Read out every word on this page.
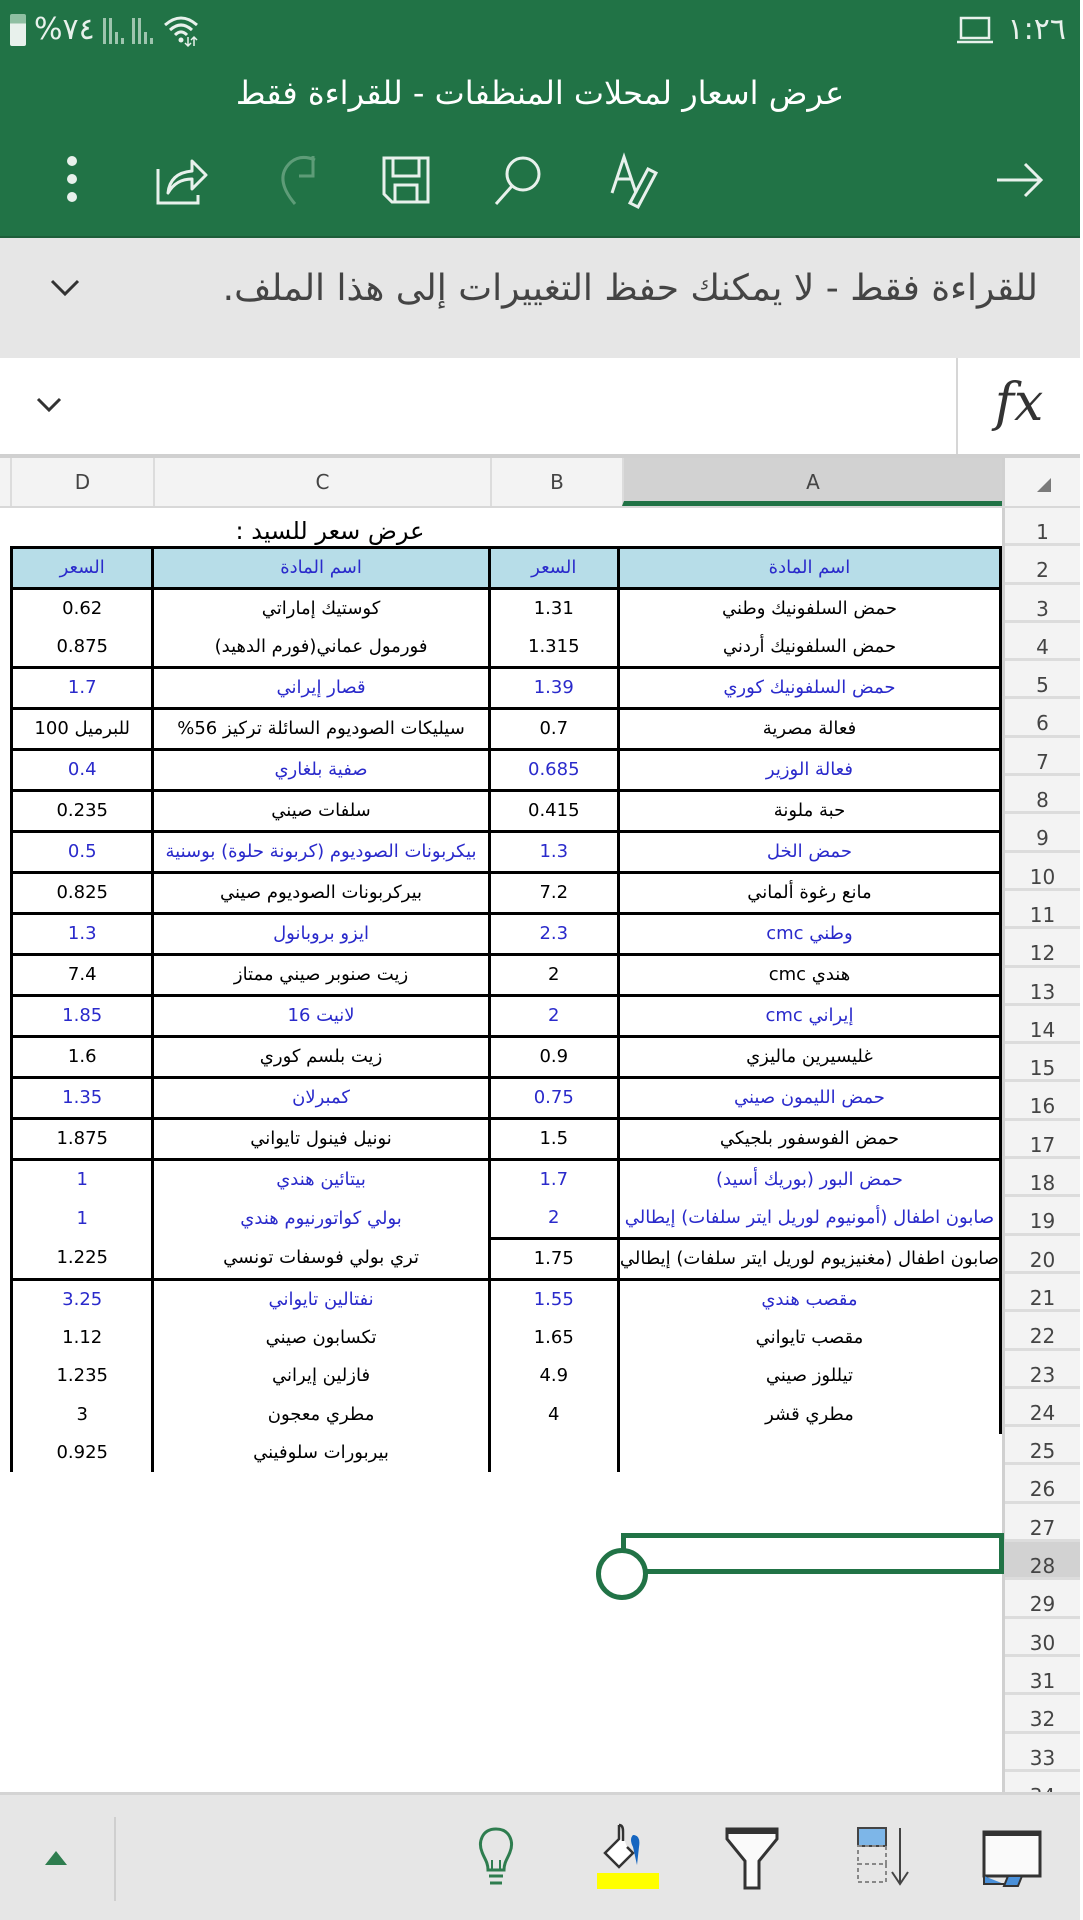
%٧٤	١:٢٦
عرض اسعار لمحلات المنظفات - للقراءة فقط
للقراءة فقط - لا يمكنك حفظ التغييرات إلى هذا الملف.
fx
D	C	B	A
1
2
3
4
5
6
7
8
9
10
11
12
13
14
15
16
17
18
19
20
21
22
23
24
25
26
27
28
29
30
31
32
33
عرض سعر للسيد :
السعر	اسم المادة	السعر	اسم المادة
0.62	كوستيك إماراتي	1.31	حمض السلفونيك وطني
0.875	فورمول عماني(فورم الدهيد)	1.315	حمض السلفونيك أردني
1.7	قصار إيراني	1.39	حمض السلفونيك كوري
100 للبرميل	سيليكات الصوديوم السائلة تركيز 56%	0.7	فعالة مصرية
0.4	صفية بلغاري	0.685	فعالة الوزير
0.235	سلفات صيني	0.415	حبة ملونة
0.5	بيكربونات الصوديوم (كربونة حلوة) بوسنية	1.3	حمض الخل
0.825	بيركربونات الصوديوم صيني	7.2	مانع رغوة ألماني
1.3	ايزو بروبانول	2.3	وطني cmc
7.4	زيت صنوبر صيني ممتاز	2	هندي cmc
1.85	لانيت 16	2	إيراني cmc
1.6	زيت بلسم كوري	0.9	غليسيرين ماليزي
1.35	كمبرلان	0.75	حمض الليمون صيني
1.875	نونيل فينول تايواني	1.5	حمض الفوسفور بلجيكي
1	بيتائين هندي	1.7	حمض البور (بوريك أسيد)
1	بولي كواتورنيوم هندي	2	صابون اطفال (أمونيوم لوريل ايتر سلفات) إيطالي
1.225	تري بولي فوسفات تونسي	1.75	صابون اطفال (مغنيزيوم لوريل ايتر سلفات) إيطالي
3.25	نفتالين تايواني	1.55	مقصب هندي
1.12	تكسابون صيني	1.65	مقصب تايواني
1.235	فازلين إيراني	4.9	تيللوز صيني
3	مطري معجون	4	مطري قشر
0.925	بيربورات سلوفيني		
